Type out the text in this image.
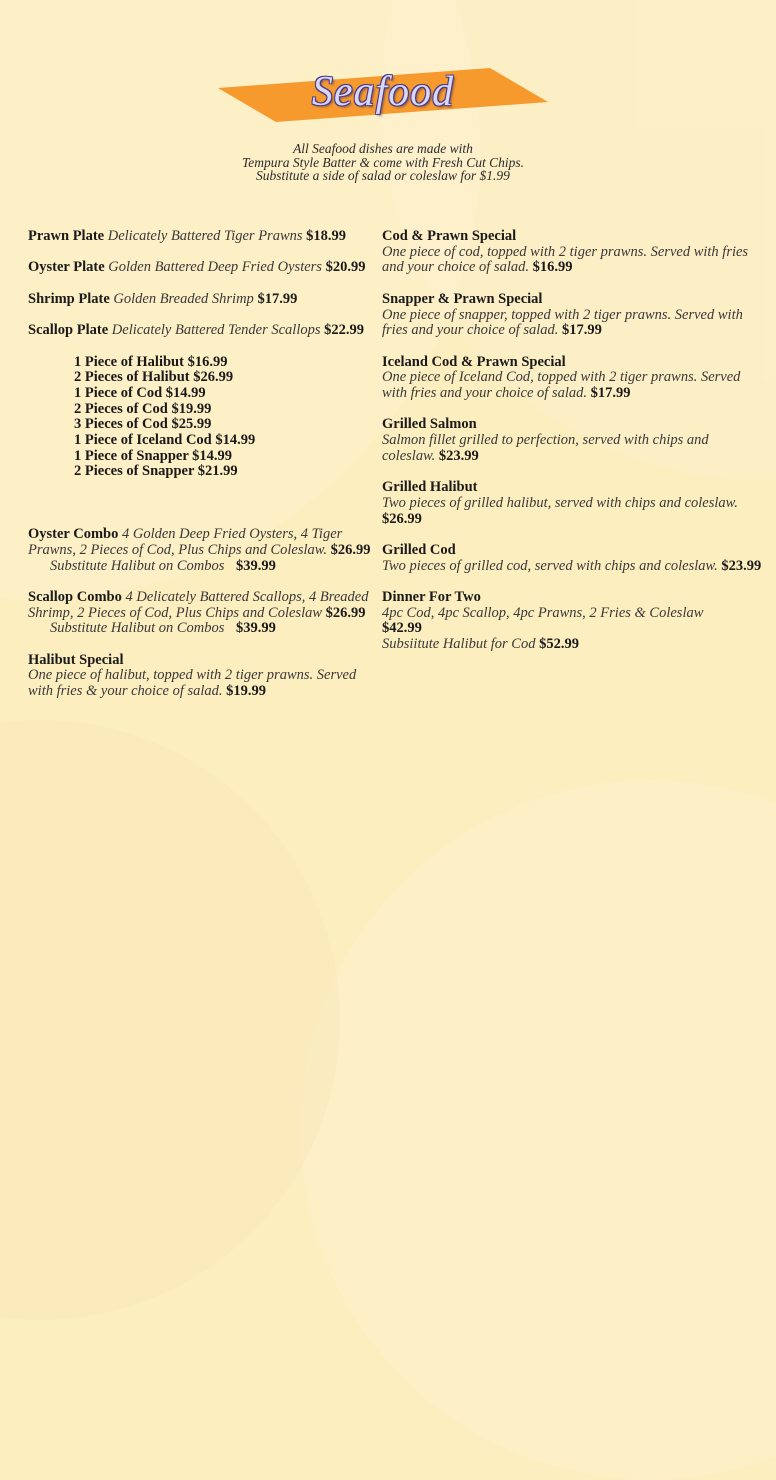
Seafood
All Seafood dishes are made with
Tempura Style Batter & come with Fresh Cut Chips.
Substitute a side of salad or coleslaw for $1.99
Prawn Plate Delicately Battered Tiger Prawns $18.99
Oyster Plate Golden Battered Deep Fried Oysters $20.99
Shrimp Plate Golden Breaded Shrimp $17.99
Scallop Plate Delicately Battered Tender Scallops $22.99
1 Piece of Halibut $16.99
2 Pieces of Halibut $26.99
1 Piece of Cod $14.99
2 Pieces of Cod $19.99
3 Pieces of Cod $25.99
1 Piece of Iceland Cod $14.99
1 Piece of Snapper $14.99
2 Pieces of Snapper $21.99
Oyster Combo 4 Golden Deep Fried Oysters, 4 Tiger Prawns, 2 Pieces of Cod, Plus Chips and Coleslaw. $26.99
Substitute Halibut on Combos $39.99
Scallop Combo 4 Delicately Battered Scallops, 4 Breaded Shrimp, 2 Pieces of Cod, Plus Chips and Coleslaw $26.99
Substitute Halibut on Combos $39.99
Halibut Special
One piece of halibut, topped with 2 tiger prawns. Served with fries & your choice of salad. $19.99
Cod & Prawn Special
One piece of cod, topped with 2 tiger prawns. Served with fries and your choice of salad. $16.99
Snapper & Prawn Special
One piece of snapper, topped with 2 tiger prawns. Served with fries and your choice of salad. $17.99
Iceland Cod & Prawn Special
One piece of Iceland Cod, topped with 2 tiger prawns. Served with fries and your choice of salad. $17.99
Grilled Salmon
Salmon fillet grilled to perfection, served with chips and coleslaw. $23.99
Grilled Halibut
Two pieces of grilled halibut, served with chips and coleslaw. $26.99
Grilled Cod
Two pieces of grilled cod, served with chips and coleslaw. $23.99
Dinner For Two
4pc Cod, 4pc Scallop, 4pc Prawns, 2 Fries & Coleslaw
$42.99
Subsiitute Halibut for Cod $52.99
